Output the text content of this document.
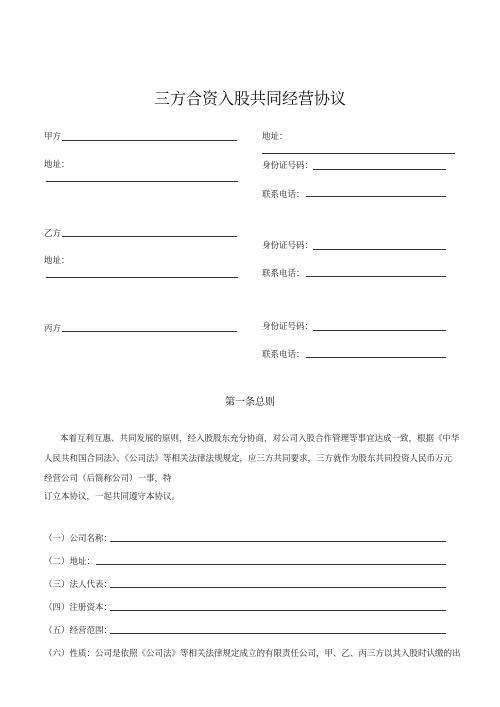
三方合资入股共同经营协议
甲方	地址：
地址：	身份证号码：
联系电话：
乙方
身份证号码：
地址：
联系电话：
丙方	身份证号码：
联系电话：
第一条总则
本着互利互惠、共同发展的原则，经入股股东充分协商，对公司入股合作管理等事宜达成一致，根据《中华
人民共和国合同法》、《公司法》等相关法律法规规定，应三方共同要求，三方就作为股东共同投资人民币万元
经营公司（后简称公司）一事，特
订立本协议，一起共同遵守本协议。
（一）公司名称：
（二）地址：
（三）法人代表：
（四）注册资本：
（五）经营范围：
（六）性质：公司是依照《公司法》等相关法律规定成立的有限责任公司，甲、乙、丙三方以其入股时认缴的出
